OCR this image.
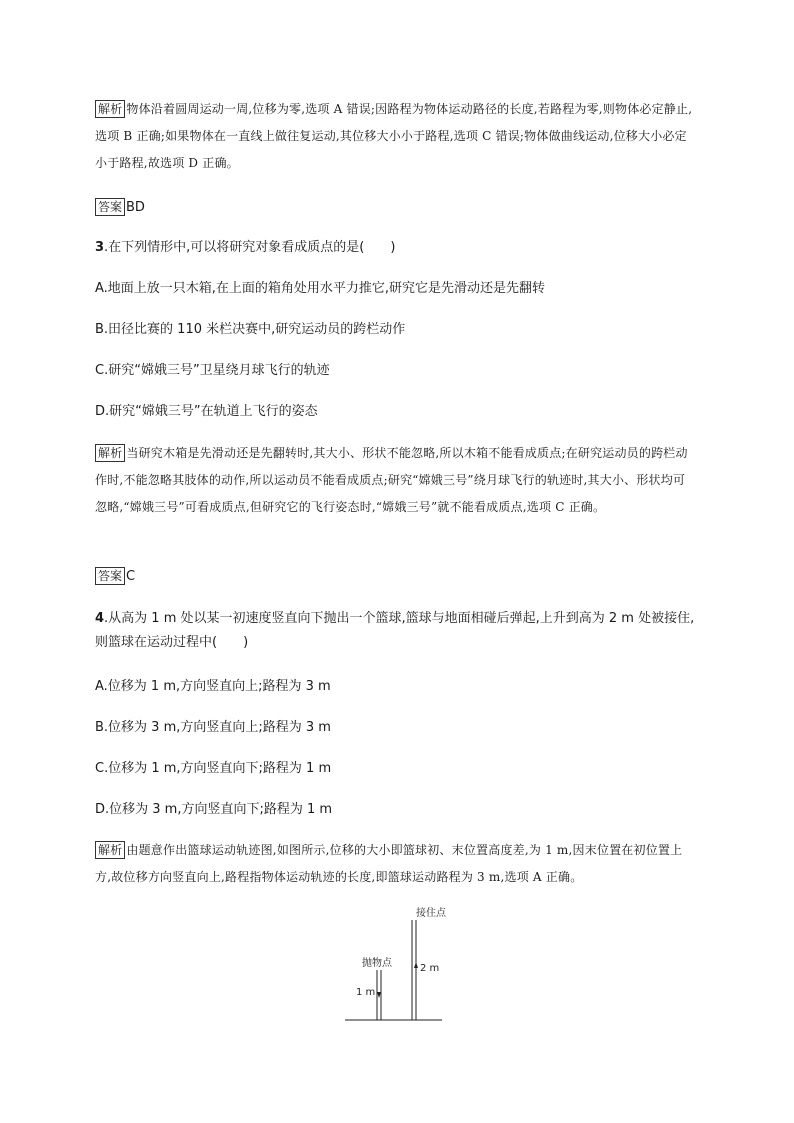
解析 物体沿着圆周运动一周,位移为零,选项 A 错误;因路程为物体运动路径的长度,若路程为零,则物体必定静止,选项 B 正确;如果物体在一直线上做往复运动,其位移大小小于路程,选项 C 错误;物体做曲线运动,位移大小必定小于路程,故选项 D 正确。
答案 BD
3.在下列情形中,可以将研究对象看成质点的是(　　)
A.地面上放一只木箱,在上面的箱角处用水平力推它,研究它是先滑动还是先翻转
B.田径比赛的 110 米栏决赛中,研究运动员的跨栏动作
C.研究“嫦娥三号”卫星绕月球飞行的轨迹
D.研究“嫦娥三号”在轨道上飞行的姿态
解析 当研究木箱是先滑动还是先翻转时,其大小、形状不能忽略,所以木箱不能看成质点;在研究运动员的跨栏动作时,不能忽略其肢体的动作,所以运动员不能看成质点;研究“嫦娥三号”绕月球飞行的轨迹时,其大小、形状均可忽略,“嫦娥三号”可看成质点,但研究它的飞行姿态时,“嫦娥三号”就不能看成质点,选项 C 正确。
答案 C
4.从高为 1 m 处以某一初速度竖直向下抛出一个篮球,篮球与地面相碰后弹起,上升到高为 2 m 处被接住,则篮球在运动过程中(　　)
A.位移为 1 m,方向竖直向上;路程为 3 m
B.位移为 3 m,方向竖直向上;路程为 3 m
C.位移为 1 m,方向竖直向下;路程为 1 m
D.位移为 3 m,方向竖直向下;路程为 1 m
解析 由题意作出篮球运动轨迹图,如图所示,位移的大小即篮球初、末位置高度差,为 1 m,因末位置在初位置上方,故位移方向竖直向上,路程指物体运动轨迹的长度,即篮球运动路程为 3 m,选项 A 正确。
接住点
抛物点
1 m
2 m
